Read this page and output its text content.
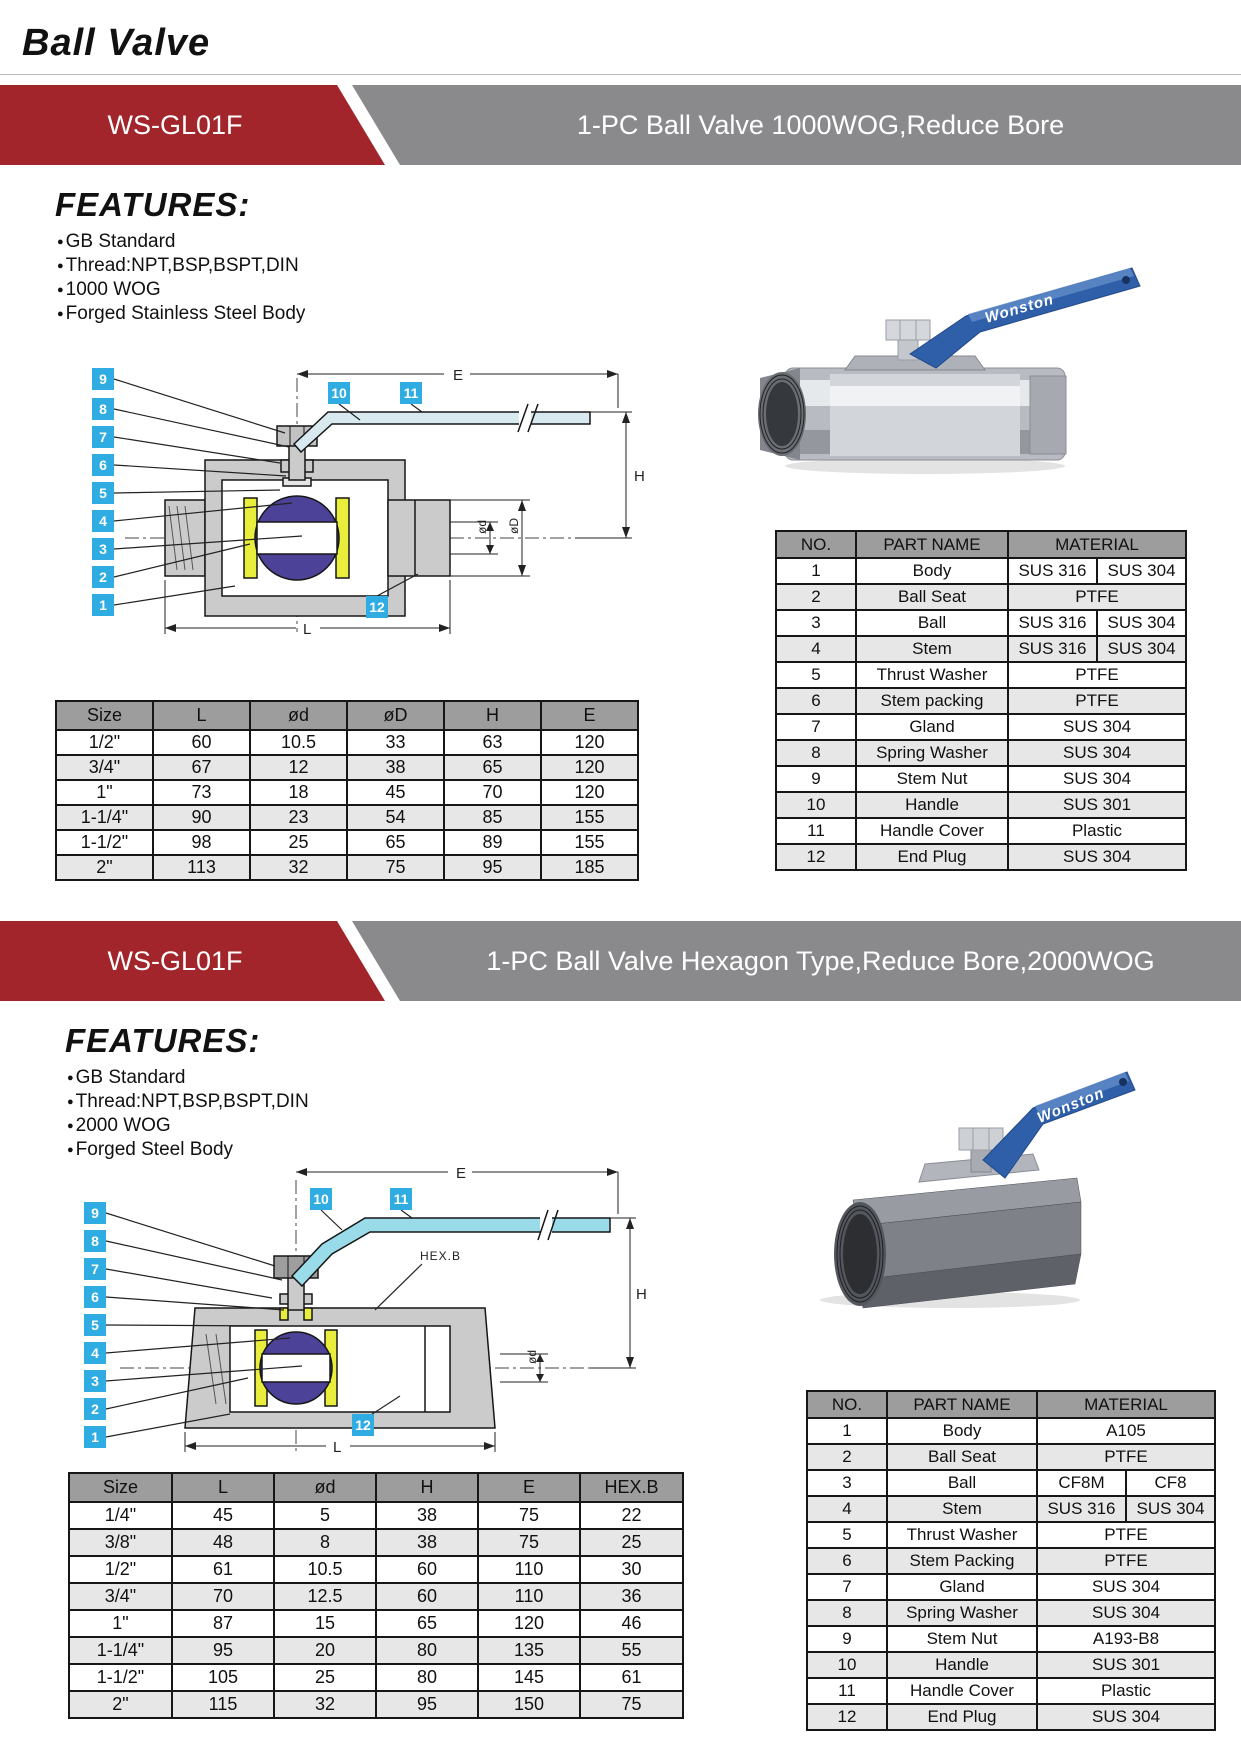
Ball Valve
WS-GL01F	1-PC Ball Valve 1000WOG,Reduce Bore
FEATURES:
● GB Standard
● Thread:NPT,BSP,BSPT,DIN
● 1000 WOG
● Forged Stainless Steel Body
E
H
ød øD
L
9
8
7
6
5
4
3
2
1
10	11
12
Wonston
NO.	PART NAME	MATERIAL	
1	Body	SUS 316	SUS 304
2	Ball Seat	PTFE	
3	Ball	SUS 316	SUS 304
4	Stem	SUS 316	SUS 304
5	Thrust Washer	PTFE	
6	Stem packing	PTFE	
7	Gland	SUS 304	
8	Spring Washer	SUS 304	
9	Stem Nut	SUS 304	
10	Handle	SUS 301	
11	Handle Cover	Plastic	
12	End Plug	SUS 304	
Size	L	ød	øD	H	E
1/2"	60	10.5	33	63	120
3/4"	67	12	38	65	120
1"	73	18	45	70	120
1-1/4"	90	23	54	85	155
1-1/2"	98	25	65	89	155
2"	113	32	75	95	185
WS-GL01F	1-PC Ball Valve Hexagon Type,Reduce Bore,2000WOG
FEATURES:
● GB Standard
● Thread:NPT,BSP,BSPT,DIN
● 2000 WOG
● Forged Steel Body
E
H
ød
L
HEX.B
9
8
7
6
5
4
3
2
1
10	11
12
Wonston
NO.	PART NAME	MATERIAL	
1	Body	A105	
2	Ball Seat	PTFE	
3	Ball	CF8M	CF8
4	Stem	SUS 316	SUS 304
5	Thrust Washer	PTFE	
6	Stem Packing	PTFE	
7	Gland	SUS 304	
8	Spring Washer	SUS 304	
9	Stem Nut	A193-B8	
10	Handle	SUS 301	
11	Handle Cover	Plastic	
12	End Plug	SUS 304	
Size	L	ød	H	E	HEX.B
1/4"	45	5	38	75	22
3/8"	48	8	38	75	25
1/2"	61	10.5	60	110	30
3/4"	70	12.5	60	110	36
1"	87	15	65	120	46
1-1/4"	95	20	80	135	55
1-1/2"	105	25	80	145	61
2"	115	32	95	150	75
